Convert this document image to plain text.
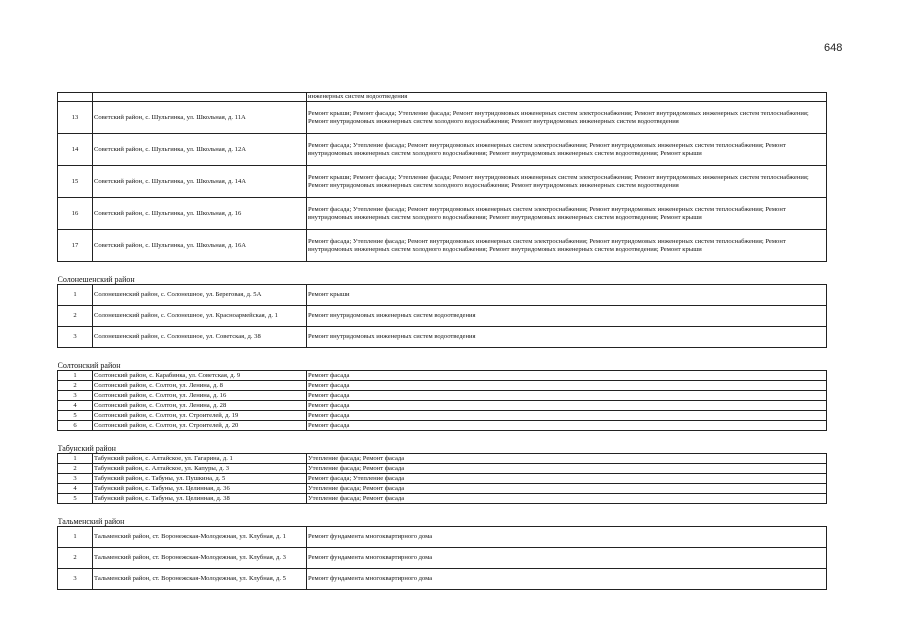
648
		инженерных систем водоотведения
13	Советский район, с. Шульгинка, ул. Школьная, д. 11А	Ремонт крыши; Ремонт фасада; Утепление фасада; Ремонт внутридомовых инженерных систем электроснабжения; Ремонт внутридомовых инженерных систем теплоснабжения; Ремонт внутридомовых инженерных систем холодного водоснабжения; Ремонт внутридомовых инженерных систем водоотведения
14	Советский район, с. Шульгинка, ул. Школьная, д. 12А	Ремонт фасада; Утепление фасада; Ремонт внутридомовых инженерных систем электроснабжения; Ремонт внутридомовых инженерных систем теплоснабжения; Ремонт внутридомовых инженерных систем холодного водоснабжения; Ремонт внутридомовых инженерных систем водоотведения; Ремонт крыши
15	Советский район, с. Шульгинка, ул. Школьная, д. 14А	Ремонт крыши; Ремонт фасада; Утепление фасада; Ремонт внутридомовых инженерных систем электроснабжения; Ремонт внутридомовых инженерных систем теплоснабжения; Ремонт внутридомовых инженерных систем холодного водоснабжения; Ремонт внутридомовых инженерных систем водоотведения
16	Советский район, с. Шульгинка, ул. Школьная, д. 16	Ремонт фасада; Утепление фасада; Ремонт внутридомовых инженерных систем электроснабжения; Ремонт внутридомовых инженерных систем теплоснабжения; Ремонт внутридомовых инженерных систем холодного водоснабжения; Ремонт внутридомовых инженерных систем водоотведения; Ремонт крыши
17	Советский район, с. Шульгинка, ул. Школьная, д. 16А	Ремонт фасада; Утепление фасада; Ремонт внутридомовых инженерных систем электроснабжения; Ремонт внутридомовых инженерных систем теплоснабжения; Ремонт внутридомовых инженерных систем холодного водоснабжения; Ремонт внутридомовых инженерных систем водоотведения; Ремонт крыши

Солонешенский район		
1	Солонешенский район, с. Солонешное, ул. Береговая, д. 5А	Ремонт крыши
2	Солонешенский район, с. Солонешное, ул. Красноармейская, д. 1	Ремонт внутридомовых инженерных систем водоотведения
3	Солонешенский район, с. Солонешное, ул. Советская, д. 38	Ремонт внутридомовых инженерных систем водоотведения

Солтонский район		
1	Солтонский район, с. Карабинка, ул. Советская, д. 9	Ремонт фасада
2	Солтонский район, с. Солтон, ул. Ленина, д. 8	Ремонт фасада
3	Солтонский район, с. Солтон, ул. Ленина, д. 16	Ремонт фасада
4	Солтонский район, с. Солтон, ул. Ленина, д. 28	Ремонт фасада
5	Солтонский район, с. Солтон, ул. Строителей, д. 19	Ремонт фасада
6	Солтонский район, с. Солтон, ул. Строителей, д. 20	Ремонт фасада

Табунский район		
1	Табунский район, с. Алтайское, ул. Гагарина, д. 1	Утепление фасада; Ремонт фасада
2	Табунский район, с. Алтайское, ул. Капуры, д. 3	Утепление фасада; Ремонт фасада
3	Табунский район, с. Табуны, ул. Пушкина, д. 5	Ремонт фасада; Утепление фасада
4	Табунский район, с. Табуны, ул. Целинная, д. 36	Утепление фасада; Ремонт фасада
5	Табунский район, с. Табуны, ул. Целинная, д. 38	Утепление фасада; Ремонт фасада

Тальменский район		
1	Тальменский район, ст. Воронежская-Молодежная, ул. Клубная, д. 1	Ремонт фундамента многоквартирного дома
2	Тальменский район, ст. Воронежская-Молодежная, ул. Клубная, д. 3	Ремонт фундамента многоквартирного дома
3	Тальменский район, ст. Воронежская-Молодежная, ул. Клубная, д. 5	Ремонт фундамента многоквартирного дома
